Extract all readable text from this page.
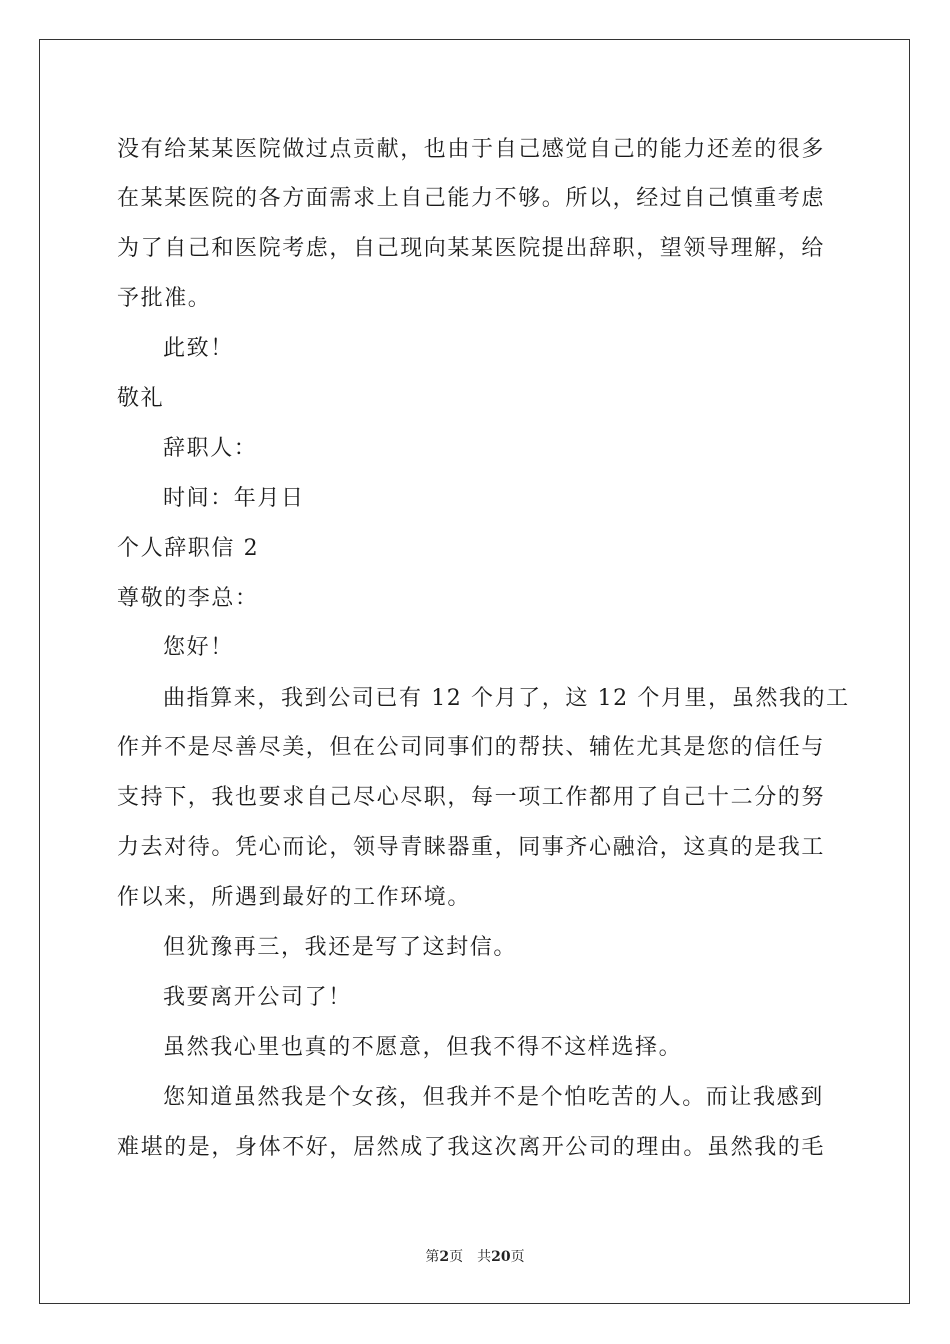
没有给某某医院做过点贡献，也由于自己感觉自己的能力还差的很多
在某某医院的各方面需求上自己能力不够。所以，经过自己慎重考虑
为了自己和医院考虑，自己现向某某医院提出辞职，望领导理解，给
予批准。
此致！
敬礼
辞职人：
时间：年月日
个人辞职信 2
尊敬的李总：
您好！
曲指算来，我到公司已有 12 个月了，这 12 个月里，虽然我的工
作并不是尽善尽美，但在公司同事们的帮扶、辅佐尤其是您的信任与
支持下，我也要求自己尽心尽职，每一项工作都用了自己十二分的努
力去对待。凭心而论，领导青睐器重，同事齐心融洽，这真的是我工
作以来，所遇到最好的工作环境。
但犹豫再三，我还是写了这封信。
我要离开公司了！
虽然我心里也真的不愿意，但我不得不这样选择。
您知道虽然我是个女孩，但我并不是个怕吃苦的人。而让我感到
难堪的是，身体不好，居然成了我这次离开公司的理由。虽然我的毛
第2页 共20页
